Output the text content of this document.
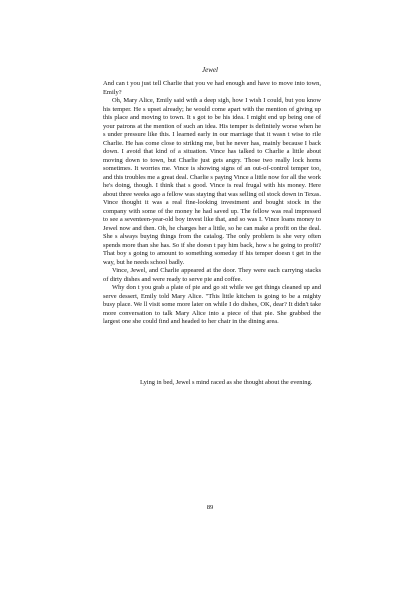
Jewel

And can t you just tell Charlie that you ve had enough and have to move into town, Emily?

Oh, Mary Alice, Emily said with a deep sigh, how I wish I could, but you know his temper. He s upset already; he would come apart with the mention of giving up this place and moving to town. It s got to be his idea. I might end up being one of your patrons at the mention of such an idea. His temper is definitely worse when he s under pressure like this. I learned early in our marriage that it wasn t wise to rile Charlie. He has come close to striking me, but he never has, mainly because I back down. I avoid that kind of a situation. Vince has talked to Charlie a little about moving down to town, but Charlie just gets angry. Those two really lock horns sometimes. It worries me. Vince is showing signs of an out-of-control temper too, and this troubles me a great deal. Charlie s paying Vince a little now for all the work he's doing, though. I think that s good. Vince is real frugal with his money. Here about three weeks ago a fellow was staying that was selling oil stock down in Texas. Vince thought it was a real fine-looking investment and bought stock in the company with some of the money he had saved up. The fellow was real impressed to see a seventeen-year-old boy invest like that, and so was I. Vince loans money to Jewel now and then. Oh, he charges her a little, so he can make a profit on the deal. She s always buying things from the catalog. The only problem is she very often spends more than she has. So if she doesn t pay him back, how s he going to profit? That boy s going to amount to something someday if his temper doesn t get in the way, but he needs school badly.

Vince, Jewel, and Charlie appeared at the door. They were each carrying stacks of dirty dishes and were ready to serve pie and coffee.

Why don t you grab a plate of pie and go sit while we get things cleaned up and serve dessert, Emily told Mary Alice. "This little kitchen is going to be a mighty busy place. We ll visit some more later on while I do dishes, OK, dear? It didn't take more conversation to talk Mary Alice into a piece of that pie. She grabbed the largest one she could find and headed to her chair in the dining area.

Lying in bed, Jewel s mind raced as she thought about the evening.
89
